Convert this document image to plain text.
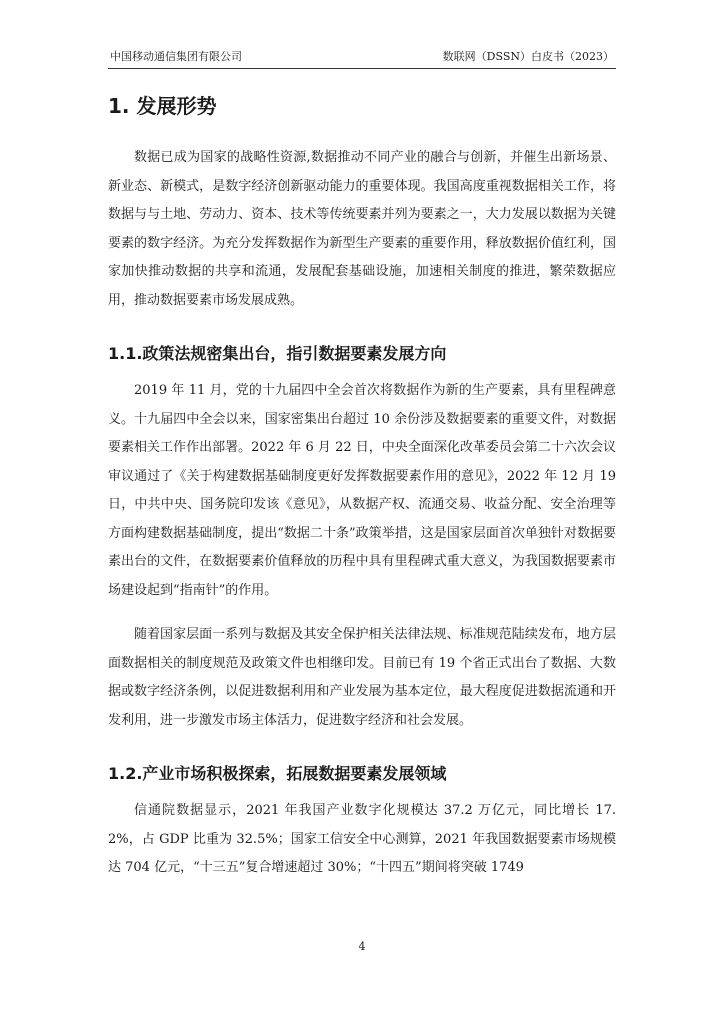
中国移动通信集团有限公司	数联网（DSSN）白皮书（2023）
1. 发展形势

数据已成为国家的战略性资源,数据推动不同产业的融合与创新，并催生出新场景、新业态、新模式，是数字经济创新驱动能力的重要体现。我国高度重视数据相关工作，将数据与与土地、劳动力、资本、技术等传统要素并列为要素之一，大力发展以数据为关键要素的数字经济。为充分发挥数据作为新型生产要素的重要作用，释放数据价值红利，国家加快推动数据的共享和流通，发展配套基础设施，加速相关制度的推进，繁荣数据应用，推动数据要素市场发展成熟。

1.1.政策法规密集出台，指引数据要素发展方向

2019 年 11 月，党的十九届四中全会首次将数据作为新的生产要素，具有里程碑意义。十九届四中全会以来，国家密集出台超过 10 余份涉及数据要素的重要文件，对数据要素相关工作作出部署。2022 年 6 月 22 日，中央全面深化改革委员会第二十六次会议审议通过了《关于构建数据基础制度更好发挥数据要素作用的意见》，2022 年 12 月 19 日，中共中央、国务院印发该《意见》，从数据产权、流通交易、收益分配、安全治理等方面构建数据基础制度，提出“数据二十条”政策举措，这是国家层面首次单独针对数据要素出台的文件，在数据要素价值释放的历程中具有里程碑式重大意义，为我国数据要素市场建设起到“指南针”的作用。

随着国家层面一系列与数据及其安全保护相关法律法规、标准规范陆续发布，地方层面数据相关的制度规范及政策文件也相继印发。目前已有 19 个省正式出台了数据、大数据或数字经济条例，以促进数据利用和产业发展为基本定位，最大程度促进数据流通和开发利用，进一步激发市场主体活力，促进数字经济和社会发展。

1.2.产业市场积极探索，拓展数据要素发展领域

信通院数据显示，2021 年我国产业数字化规模达 37.2 万亿元，同比增长 17.2%，占 GDP 比重为 32.5%；国家工信安全中心测算，2021 年我国数据要素市场规模达 704 亿元，“十三五”复合增速超过 30%；“十四五”期间将突破 1749

4
